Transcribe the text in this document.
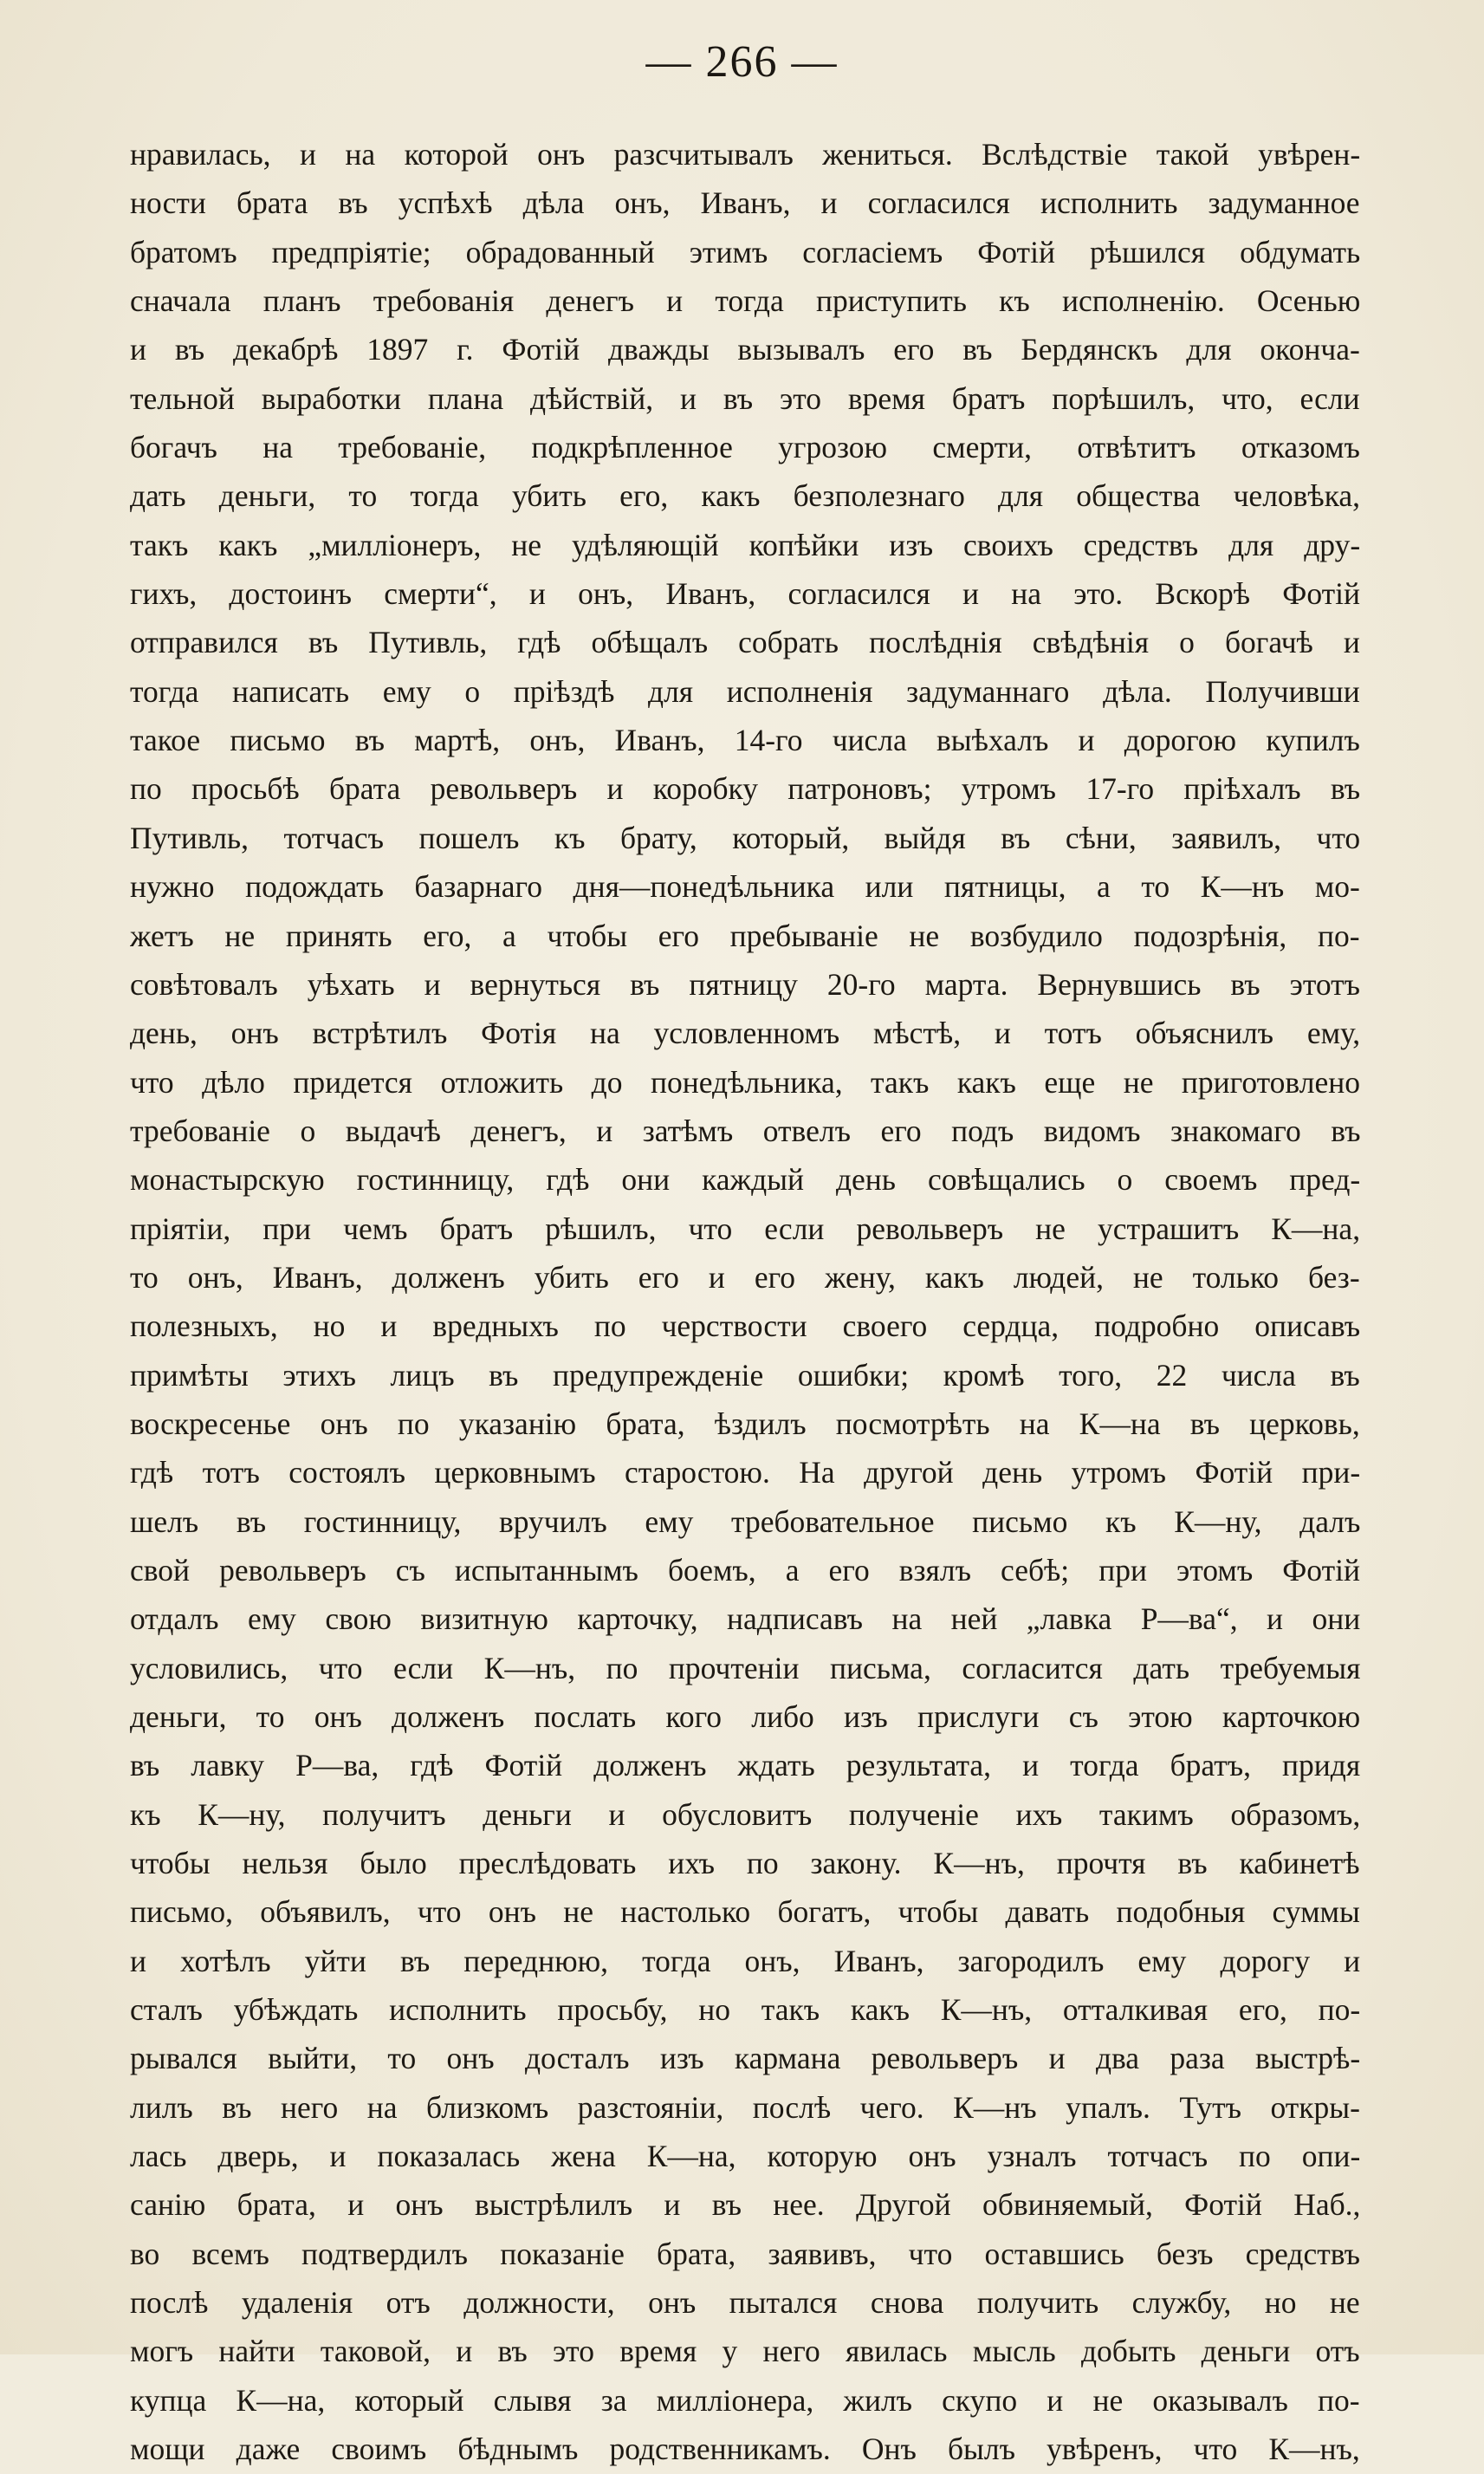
— 266 —
нравилась, и на которой онъ разсчитывалъ жениться. Вслѣдствіе такой увѣрен-
ности брата въ успѣхѣ дѣла онъ, Иванъ, и согласился исполнить задуманное
братомъ предпріятіе; обрадованный этимъ согласіемъ Фотій рѣшился обдумать
сначала планъ требованія денегъ и тогда приступить къ исполненію. Осенью
и въ декабрѣ 1897 г. Фотій дважды вызывалъ его въ Бердянскъ для оконча-
тельной выработки плана дѣйствій, и въ это время братъ порѣшилъ, что, если
богачъ на требованіе, подкрѣпленное угрозою смерти, отвѣтитъ отказомъ
дать деньги, то тогда убить его, какъ безполезнаго для общества человѣка,
такъ какъ „милліонеръ, не удѣляющій копѣйки изъ своихъ средствъ для дру-
гихъ, достоинъ смерти“, и онъ, Иванъ, согласился и на это. Вскорѣ Фотій
отправился въ Путивль, гдѣ обѣщалъ собрать послѣднія свѣдѣнія о богачѣ и
тогда написать ему о пріѣздѣ для исполненія задуманнаго дѣла. Получивши
такое письмо въ мартѣ, онъ, Иванъ, 14-го числа выѣхалъ и дорогою купилъ
по просьбѣ брата револьверъ и коробку патроновъ; утромъ 17-го пріѣхалъ въ
Путивль, тотчасъ пошелъ къ брату, который, выйдя въ сѣни, заявилъ, что
нужно подождать базарнаго дня—понедѣльника или пятницы, а то К—нъ мо-
жетъ не принять его, а чтобы его пребываніе не возбудило подозрѣнія, по-
совѣтовалъ уѣхать и вернуться въ пятницу 20-го марта. Вернувшись въ этотъ
день, онъ встрѣтилъ Фотія на условленномъ мѣстѣ, и тотъ объяснилъ ему,
что дѣло придется отложить до понедѣльника, такъ какъ еще не приготовлено
требованіе о выдачѣ денегъ, и затѣмъ отвелъ его подъ видомъ знакомаго въ
монастырскую гостинницу, гдѣ они каждый день совѣщались о своемъ пред-
пріятіи, при чемъ братъ рѣшилъ, что если револьверъ не устрашитъ К—на,
то онъ, Иванъ, долженъ убить его и его жену, какъ людей, не только без-
полезныхъ, но и вредныхъ по черствости своего сердца, подробно описавъ
примѣты этихъ лицъ въ предупрежденіе ошибки; кромѣ того, 22 числа въ
воскресенье онъ по указанію брата, ѣздилъ посмотрѣть на К—на въ церковь,
гдѣ тотъ состоялъ церковнымъ старостою. На другой день утромъ Фотій при-
шелъ въ гостинницу, вручилъ ему требовательное письмо къ К—ну, далъ
свой револьверъ съ испытаннымъ боемъ, а его взялъ себѣ; при этомъ Фотій
отдалъ ему свою визитную карточку, надписавъ на ней „лавка Р—ва“, и они
условились, что если К—нъ, по прочтеніи письма, согласится дать требуемыя
деньги, то онъ долженъ послать кого либо изъ прислуги съ этою карточкою
въ лавку Р—ва, гдѣ Фотій долженъ ждать результата, и тогда братъ, придя
къ К—ну, получитъ деньги и обусловитъ полученіе ихъ такимъ образомъ,
чтобы нельзя было преслѣдовать ихъ по закону. К—нъ, прочтя въ кабинетѣ
письмо, объявилъ, что онъ не настолько богатъ, чтобы давать подобныя суммы
и хотѣлъ уйти въ переднюю, тогда онъ, Иванъ, загородилъ ему дорогу и
сталъ убѣждать исполнить просьбу, но такъ какъ К—нъ, отталкивая его, по-
рывался выйти, то онъ досталъ изъ кармана револьверъ и два раза выстрѣ-
лилъ въ него на близкомъ разстояніи, послѣ чего. К—нъ упалъ. Тутъ откры-
лась дверь, и показалась жена К—на, которую онъ узналъ тотчасъ по опи-
санію брата, и онъ выстрѣлилъ и въ нее. Другой обвиняемый, Фотій Наб.,
во всемъ подтвердилъ показаніе брата, заявивъ, что оставшись безъ средствъ
послѣ удаленія отъ должности, онъ пытался снова получить службу, но не
могъ найти таковой, и въ это время у него явилась мысль добыть деньги отъ
купца К—на, который слывя за милліонера, жилъ скупо и не оказывалъ по-
мощи даже своимъ бѣднымъ родственникамъ. Онъ былъ увѣренъ, что К—нъ,
